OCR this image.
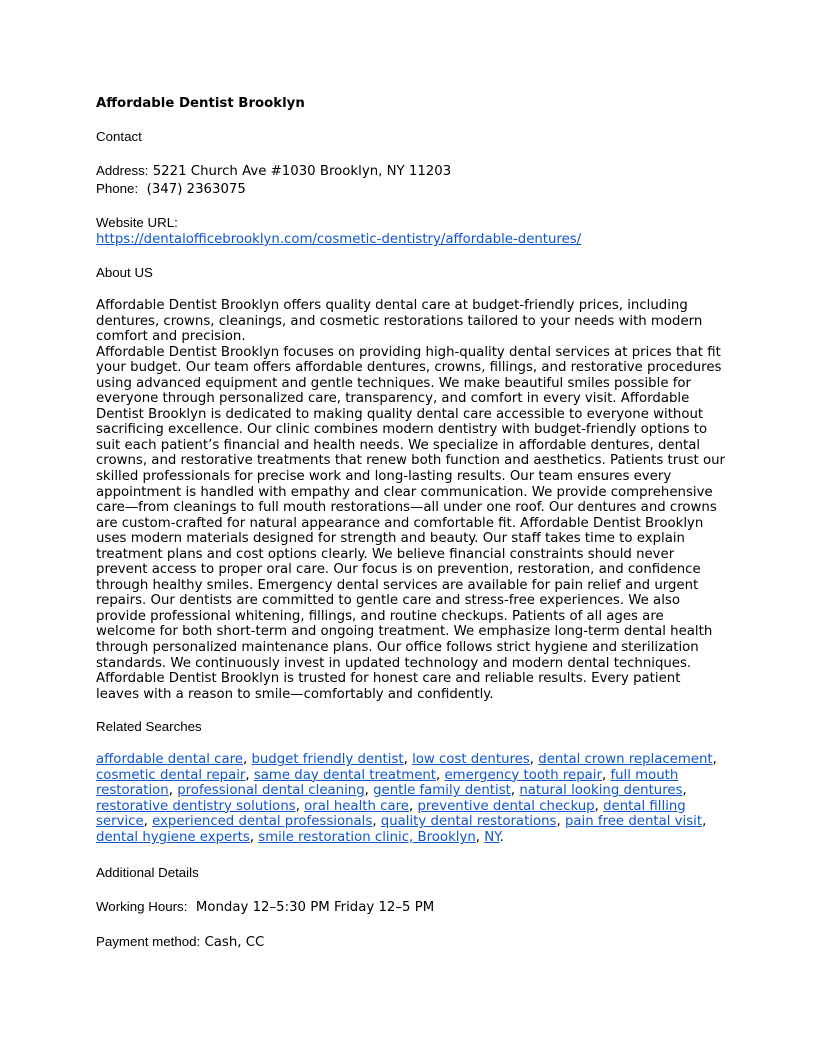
Affordable Dentist Brooklyn
Contact
Address: 5221 Church Ave #1030 Brooklyn, NY 11203
Phone: (347) 2363075
Website URL:
https://dentalofficebrooklyn.com/cosmetic-dentistry/affordable-dentures/
About US

Affordable Dentist Brooklyn offers quality dental care at budget-friendly prices, including dentures, crowns, cleanings, and cosmetic restorations tailored to your needs with modern comfort and precision.

Affordable Dentist Brooklyn focuses on providing high-quality dental services at prices that fit your budget. Our team offers affordable dentures, crowns, fillings, and restorative procedures using advanced equipment and gentle techniques. We make beautiful smiles possible for everyone through personalized care, transparency, and comfort in every visit. Affordable Dentist Brooklyn is dedicated to making quality dental care accessible to everyone without sacrificing excellence. Our clinic combines modern dentistry with budget-friendly options to suit each patient’s financial and health needs. We specialize in affordable dentures, dental crowns, and restorative treatments that renew both function and aesthetics. Patients trust our skilled professionals for precise work and long-lasting results. Our team ensures every appointment is handled with empathy and clear communication. We provide comprehensive care—from cleanings to full mouth restorations—all under one roof. Our dentures and crowns are custom-crafted for natural appearance and comfortable fit. Affordable Dentist Brooklyn uses modern materials designed for strength and beauty. Our staff takes time to explain treatment plans and cost options clearly. We believe financial constraints should never prevent access to proper oral care. Our focus is on prevention, restoration, and confidence through healthy smiles. Emergency dental services are available for pain relief and urgent repairs. Our dentists are committed to gentle care and stress-free experiences. We also provide professional whitening, fillings, and routine checkups. Patients of all ages are welcome for both short-term and ongoing treatment. We emphasize long-term dental health through personalized maintenance plans. Our office follows strict hygiene and sterilization standards. We continuously invest in updated technology and modern dental techniques. Affordable Dentist Brooklyn is trusted for honest care and reliable results. Every patient leaves with a reason to smile—comfortably and confidently.

Related Searches
affordable dental care, budget friendly dentist, low cost dentures, dental crown replacement, cosmetic dental repair, same day dental treatment, emergency tooth repair, full mouth restoration, professional dental cleaning, gentle family dentist, natural looking dentures, restorative dentistry solutions, oral health care, preventive dental checkup, dental filling service, experienced dental professionals, quality dental restorations, pain free dental visit, dental hygiene experts, smile restoration clinic, Brooklyn, NY.
Additional Details
Working Hours: Monday 12–5:30 PM Friday 12–5 PM
Payment method: Cash, CC
